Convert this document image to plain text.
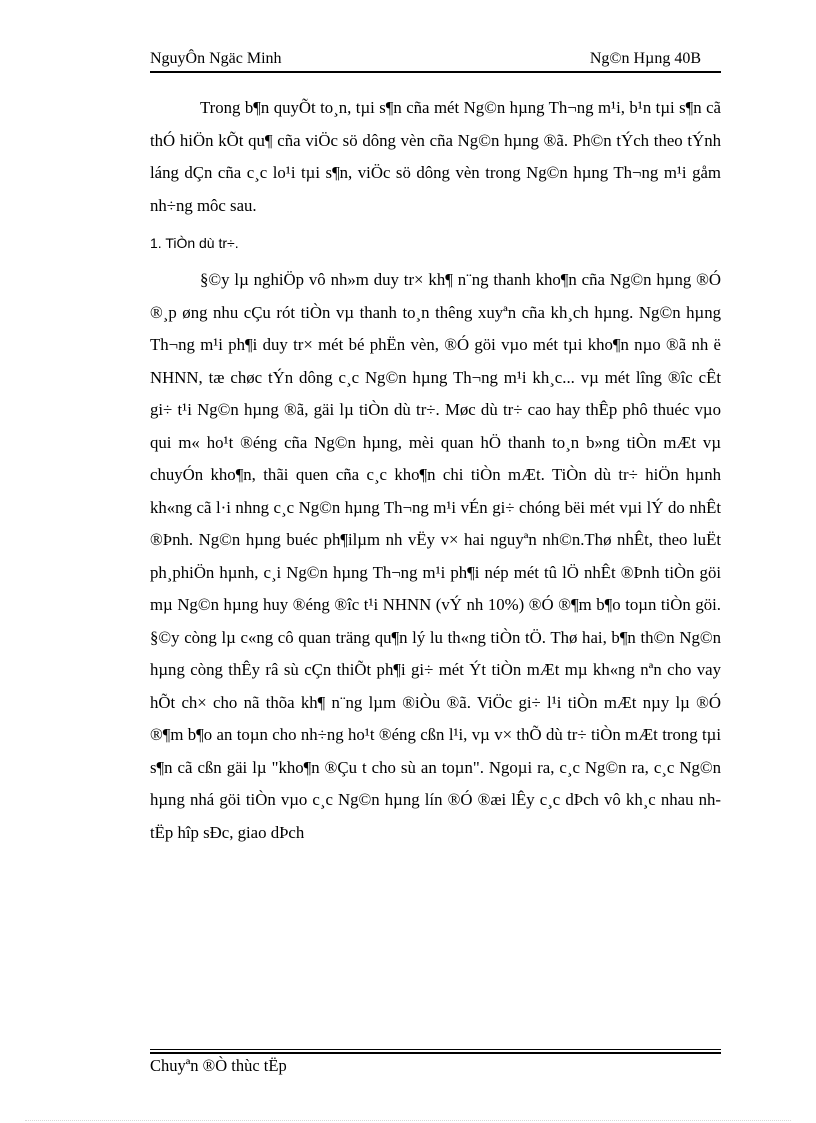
NguyÔn Ngäc Minh	Ng©n Hµng 40B

Trong b¶n quyÕt to¸n, tµi s¶n cña mét Ng©n hµng Th¬ng m¹i, b¹n tµi s¶n cã thÓ hiÖn kÕt qu¶ cña viÖc sö dông vèn cña Ng©n hµng ®ã. Ph©n tÝch theo tÝnh láng dÇn cña c¸c lo¹i tµi s¶n, viÖc sö dông vèn trong Ng©n hµng Th¬ng m¹i gåm nh÷ng môc sau.

1. TiÒn dù tr÷.

§©y lµ nghiÖp vô nh»m duy tr× kh¶ n¨ng thanh kho¶n cña Ng©n hµng ®Ó ®¸p øng nhu cÇu rót tiÒn vµ thanh to¸n thêng xuyªn cña kh¸ch hµng. Ng©n hµng Th¬ng m¹i ph¶i duy tr× mét bé phËn vèn, ®Ó göi vµo mét tµi kho¶n nµo ®ã nh ë NHNN, tæ chøc tÝn dông c¸c Ng©n hµng Th¬ng m¹i kh¸c... vµ mét lîng ®îc cÊt gi÷ t¹i Ng©n hµng ®ã, gäi lµ tiÒn dù tr÷. Møc dù tr÷ cao hay thÊp phô thuéc vµo qui m« ho¹t ®éng cña Ng©n hµng, mèi quan hÖ thanh to¸n b»ng tiÒn mÆt vµ chuyÓn kho¶n, thãi quen cña c¸c kho¶n chi tiÒn mÆt. TiÒn dù tr÷ hiÖn hµnh kh«ng cã l·i nhng c¸c Ng©n hµng Th¬ng m¹i vÉn gi÷ chóng bëi mét vµi lÝ do nhÊt ®Þnh. Ng©n hµng buéc ph¶ilµm nh vËy v× hai nguyªn nh©n.Thø nhÊt, theo luËt ph¸phiÖn hµnh, c¸i Ng©n hµng Th¬ng m¹i ph¶i nép mét tû lÖ nhÊt ®Þnh tiÒn göi mµ Ng©n hµng huy ®éng ®îc t¹i NHNN (vÝ nh 10%) ®Ó ®¶m b¶o toµn tiÒn göi. §©y còng lµ c«ng cô quan träng qu¶n lý lu th«ng tiÒn tÖ. Thø hai, b¶n th©n Ng©n hµng còng thÊy râ sù cÇn thiÕt ph¶i gi÷ mét Ýt tiÒn mÆt mµ kh«ng nªn cho vay hÕt ch× cho nã thõa kh¶ n¨ng lµm ®iÒu ®ã. ViÖc gi÷ l¹i tiÒn mÆt nµy lµ ®Ó ®¶m b¶o an toµn cho nh÷ng ho¹t ®éng cßn l¹i, vµ v× thÕ dù tr÷ tiÒn mÆt trong tµi s¶n cã cßn gäi lµ "kho¶n ®Çu t cho sù an toµn". Ngoµi ra, c¸c Ng©n ra, c¸c Ng©n hµng nhá göi tiÒn vµo c¸c Ng©n hµng lín ®Ó ®æi lÊy c¸c dÞch vô kh¸c nhau nh tËp hîp sÐc, giao dÞch

Chuyªn ®Ò thùc tËp
